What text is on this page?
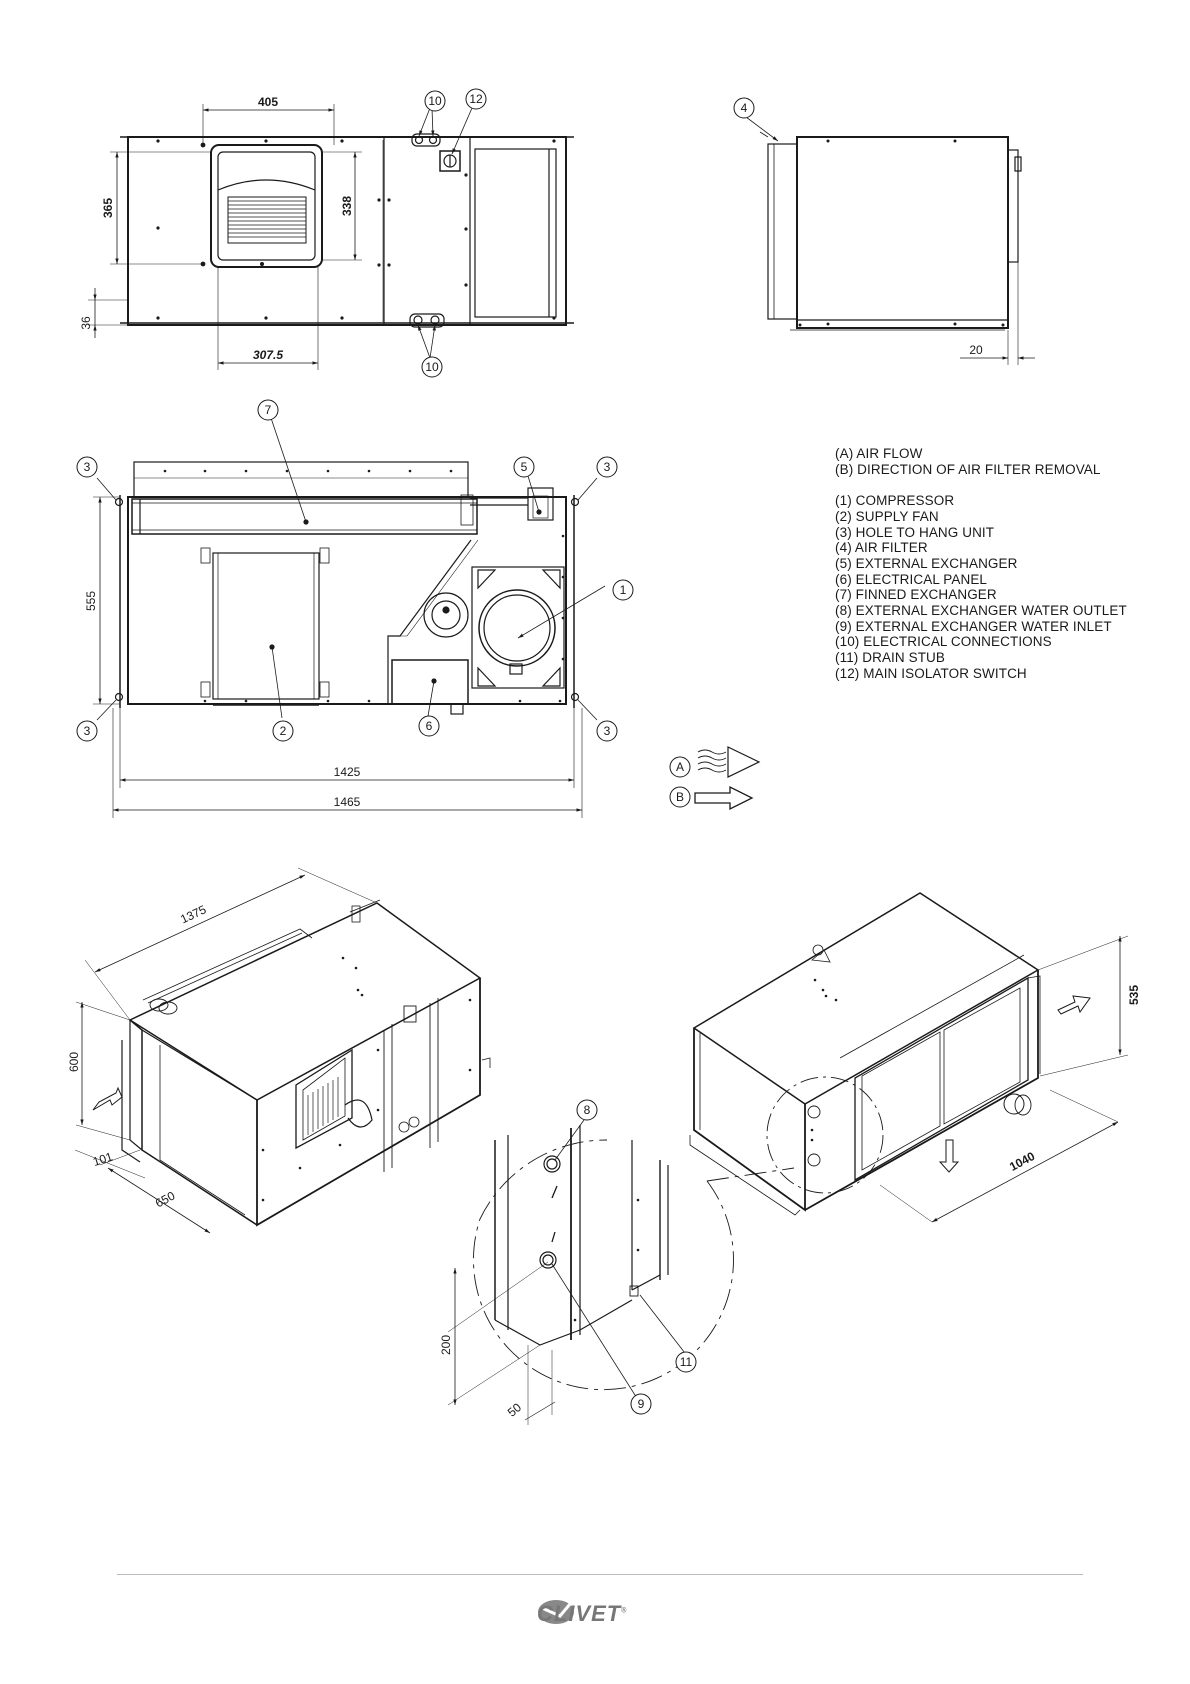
10 12
10
4
7
3	3
5
1
3	3
2	6
A
B
8
9
11
405
365	338
36
307.5	20
555
1425
1465
1375
600
101
650
535
1040
200
50
(A) AIR FLOW
(B) DIRECTION OF AIR FILTER REMOVAL
(1) COMPRESSOR
(2) SUPPLY FAN
(3) HOLE TO HANG UNIT
(4) AIR FILTER
(5) EXTERNAL EXCHANGER
(6) ELECTRICAL PANEL
(7) FINNED EXCHANGER
(8) EXTERNAL EXCHANGER WATER OUTLET
(9) EXTERNAL EXCHANGER WATER INLET
(10) ELECTRICAL CONNECTIONS
(11) DRAIN STUB
(12) MAIN ISOLATOR SWITCH
CLIVET®
